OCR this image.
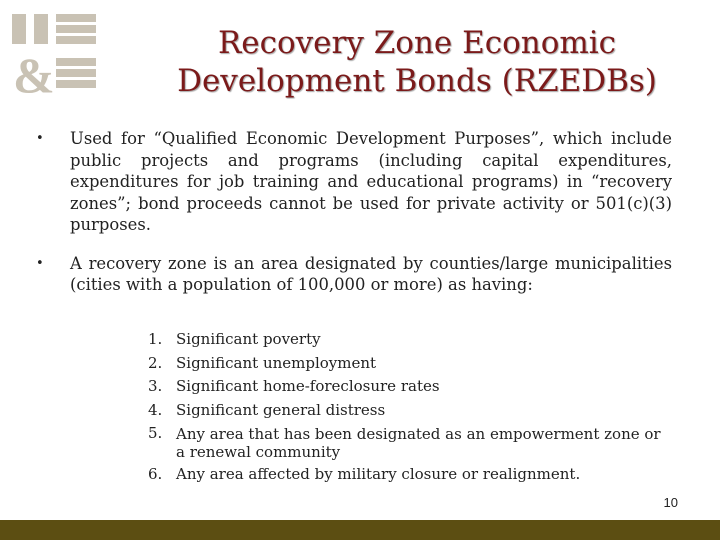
&
Recovery Zone Economic
Development Bonds (RZEDBs)
•	Used for “Qualified Economic Development Purposes”, which include public projects and programs (including capital expenditures, expenditures for job training and educational programs) in “recovery zones”; bond proceeds cannot be used for private activity or 501(c)(3) purposes.
•	A recovery zone is an area designated by counties/large municipalities (cities with a population of 100,000 or more) as having:
1. Significant poverty
2. Significant unemployment
3. Significant home-foreclosure rates
4. Significant general distress
5. Any area that has been designated as an empowerment zone or a renewal community
6. Any area affected by military closure or realignment.
10
